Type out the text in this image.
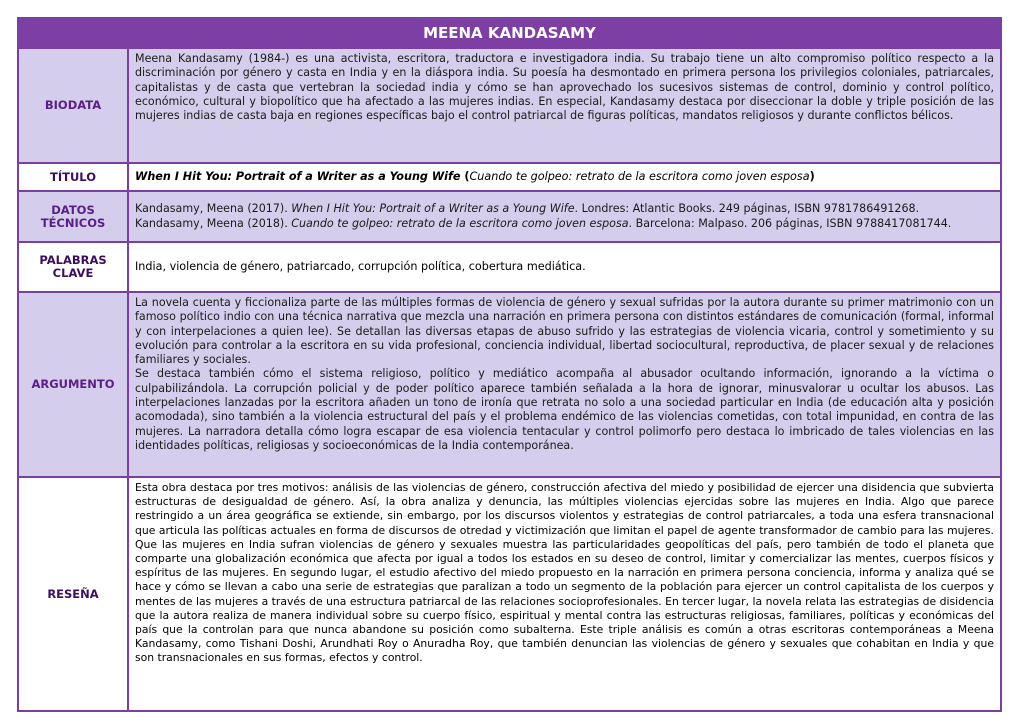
MEENA KANDASAMY
BIODATA

Meena Kandasamy (1984-) es una activista, escritora, traductora e investigadora india. Su trabajo tiene un alto compromiso político respecto a la discriminación por género y casta en India y en la diáspora india. Su poesía ha desmontado en primera persona los privilegios coloniales, patriarcales, capitalistas y de casta que vertebran la sociedad india y cómo se han aprovechado los sucesivos sistemas de control, dominio y control político, económico, cultural y biopolítico que ha afectado a las mujeres indias. En especial, Kandasamy destaca por diseccionar la doble y triple posición de las mujeres indias de casta baja en regiones específicas bajo el control patriarcal de figuras políticas, mandatos religiosos y durante conflictos bélicos.

TÍTULO	When I Hit You: Portrait of a Writer as a Young Wife (Cuando te golpeo: retrato de la escritora como joven esposa)

DATOS TÉCNICOS

Kandasamy, Meena (2017). When I Hit You: Portrait of a Writer as a Young Wife. Londres: Atlantic Books. 249 páginas, ISBN 9781786491268.

Kandasamy, Meena (2018). Cuando te golpeo: retrato de la escritora como joven esposa. Barcelona: Malpaso. 206 páginas, ISBN 9788417081744.

PALABRAS CLAVE	India, violencia de género, patriarcado, corrupción política, cobertura mediática.

ARGUMENTO

La novela cuenta y ficcionaliza parte de las múltiples formas de violencia de género y sexual sufridas por la autora durante su primer matrimonio con un famoso político indio con una técnica narrativa que mezcla una narración en primera persona con distintos estándares de comunicación (formal, informal y con interpelaciones a quien lee). Se detallan las diversas etapas de abuso sufrido y las estrategias de violencia vicaria, control y sometimiento y su evolución para controlar a la escritora en su vida profesional, conciencia individual, libertad sociocultural, reproductiva, de placer sexual y de relaciones familiares y sociales.

Se destaca también cómo el sistema religioso, político y mediático acompaña al abusador ocultando información, ignorando a la víctima o culpabilizándola. La corrupción policial y de poder político aparece también señalada a la hora de ignorar, minusvalorar u ocultar los abusos. Las interpelaciones lanzadas por la escritora añaden un tono de ironía que retrata no solo a una sociedad particular en India (de educación alta y posición acomodada), sino también a la violencia estructural del país y el problema endémico de las violencias cometidas, con total impunidad, en contra de las mujeres. La narradora detalla cómo logra escapar de esa violencia tentacular y control polimorfo pero destaca lo imbricado de tales violencias en las identidades políticas, religiosas y socioeconómicas de la India contemporánea.

RESEÑA

Esta obra destaca por tres motivos: análisis de las violencias de género, construcción afectiva del miedo y posibilidad de ejercer una disidencia que subvierta estructuras de desigualdad de género. Así, la obra analiza y denuncia, las múltiples violencias ejercidas sobre las mujeres en India. Algo que parece restringido a un área geográfica se extiende, sin embargo, por los discursos violentos y estrategias de control patriarcales, a toda una esfera transnacional que articula las políticas actuales en forma de discursos de otredad y victimización que limitan el papel de agente transformador de cambio para las mujeres. Que las mujeres en India sufran violencias de género y sexuales muestra las particularidades geopolíticas del país, pero también de todo el planeta que comparte una globalización económica que afecta por igual a todos los estados en su deseo de control, limitar y comercializar las mentes, cuerpos físicos y espíritus de las mujeres. En segundo lugar, el estudio afectivo del miedo propuesto en la narración en primera persona conciencia, informa y analiza qué se hace y cómo se llevan a cabo una serie de estrategias que paralizan a todo un segmento de la población para ejercer un control capitalista de los cuerpos y mentes de las mujeres a través de una estructura patriarcal de las relaciones socioprofesionales. En tercer lugar, la novela relata las estrategias de disidencia que la autora realiza de manera individual sobre su cuerpo físico, espiritual y mental contra las estructuras religiosas, familiares, políticas y económicas del país que la controlan para que nunca abandone su posición como subalterna. Este triple análisis es común a otras escritoras contemporáneas a Meena Kandasamy, como Tishani Doshi, Arundhati Roy o Anuradha Roy, que también denuncian las violencias de género y sexuales que cohabitan en India y que son transnacionales en sus formas, efectos y control.
